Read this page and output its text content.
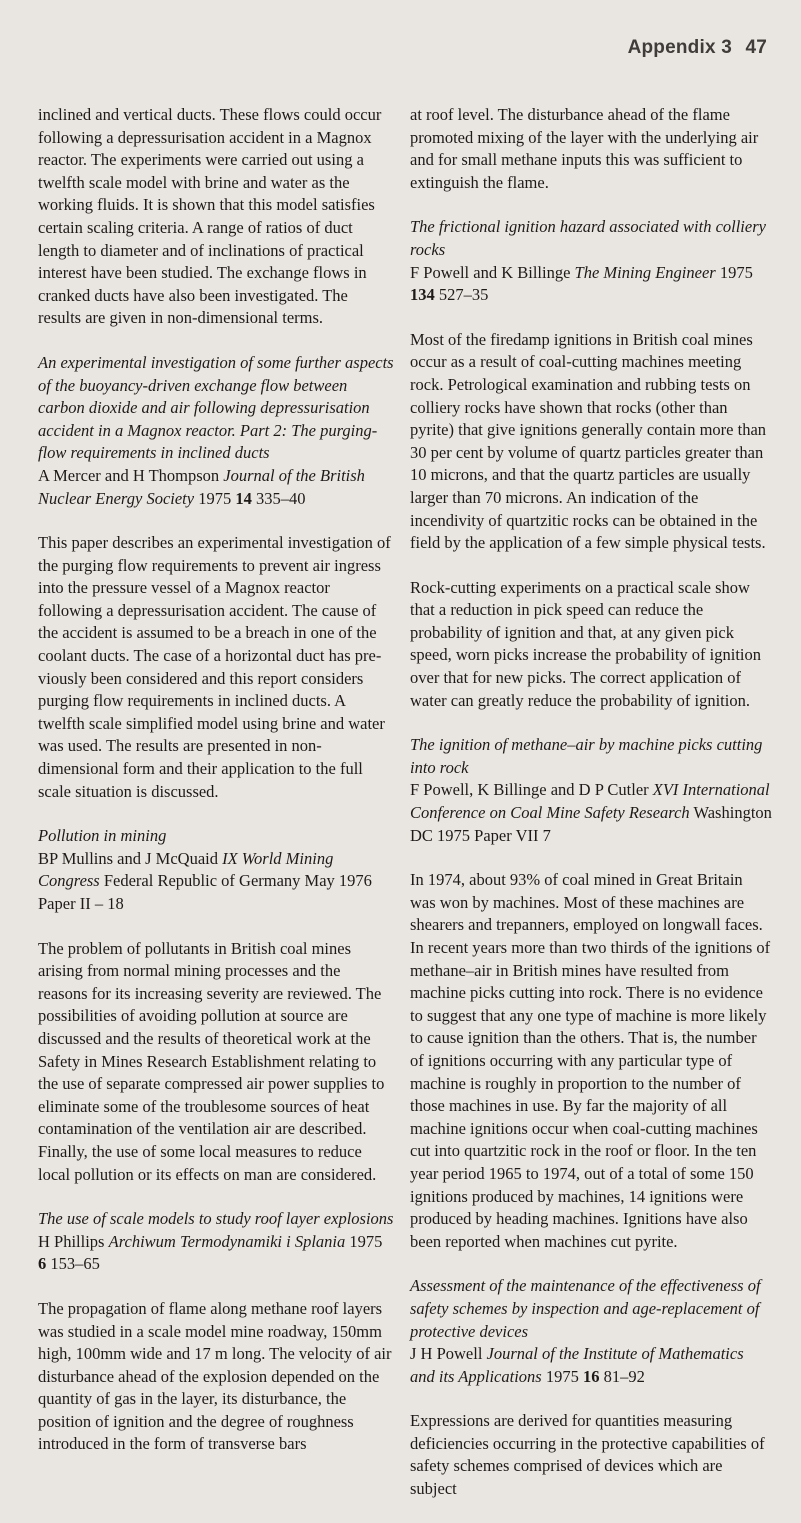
Appendix 3 47

inclined and vertical ducts. These flows could occur following a depressurisation accident in a Magnox reactor. The experiments were carried out using a twelfth scale model with brine and water as the working fluids. It is shown that this model satisfies certain scaling criteria. A range of ratios of duct length to diameter and of inclinations of practical interest have been studied. The exchange flows in cranked ducts have also been investigated. The results are given in non-dimensional terms.

An experimental investigation of some further aspects of the buoyancy-driven exchange flow between carbon dioxide and air following depressurisation accident in a Magnox reactor. Part 2: The purging-flow requirements in inclined ducts

A Mercer and H Thompson Journal of the British Nuclear Energy Society 1975 14 335–40

This paper describes an experimental investigation of the purging flow requirements to prevent air ingress into the pressure vessel of a Magnox reactor following a depressurisation accident. The cause of the accident is assumed to be a breach in one of the coolant ducts. The case of a horizontal duct has pre-viously been considered and this report considers purging flow requirements in inclined ducts. A twelfth scale simplified model using brine and water was used. The results are presented in non-dimensional form and their application to the full scale situation is discussed.

Pollution in mining

BP Mullins and J McQuaid IX World Mining Congress Federal Republic of Germany May 1976 Paper II – 18

The problem of pollutants in British coal mines arising from normal mining processes and the reasons for its increasing severity are reviewed. The possibilities of avoiding pollution at source are discussed and the results of theoretical work at the Safety in Mines Research Establishment relating to the use of separate compressed air power supplies to eliminate some of the troublesome sources of heat contamination of the ventilation air are described. Finally, the use of some local measures to reduce local pollution or its effects on man are considered.

The use of scale models to study roof layer explosions

H Phillips Archiwum Termodynamiki i Splania 1975 6 153–65

The propagation of flame along methane roof layers was studied in a scale model mine roadway, 150mm high, 100mm wide and 17 m long. The velocity of air disturbance ahead of the explosion depended on the quantity of gas in the layer, its disturbance, the position of ignition and the degree of roughness introduced in the form of transverse bars

at roof level. The disturbance ahead of the flame promoted mixing of the layer with the underlying air and for small methane inputs this was sufficient to extinguish the flame.

The frictional ignition hazard associated with colliery rocks

F Powell and K Billinge The Mining Engineer 1975 134 527–35

Most of the firedamp ignitions in British coal mines occur as a result of coal-cutting machines meeting rock. Petrological examination and rubbing tests on colliery rocks have shown that rocks (other than pyrite) that give ignitions generally contain more than 30 per cent by volume of quartz particles greater than 10 microns, and that the quartz particles are usually larger than 70 microns. An indication of the incendivity of quartzitic rocks can be obtained in the field by the application of a few simple physical tests.

Rock-cutting experiments on a practical scale show that a reduction in pick speed can reduce the probability of ignition and that, at any given pick speed, worn picks increase the probability of ignition over that for new picks. The correct application of water can greatly reduce the probability of ignition.

The ignition of methane–air by machine picks cutting into rock

F Powell, K Billinge and D P Cutler XVI International Conference on Coal Mine Safety Research Washington DC 1975 Paper VII 7

In 1974, about 93% of coal mined in Great Britain was won by machines. Most of these machines are shearers and trepanners, employed on longwall faces. In recent years more than two thirds of the ignitions of methane–air in British mines have resulted from machine picks cutting into rock. There is no evidence to suggest that any one type of machine is more likely to cause ignition than the others. That is, the number of ignitions occurring with any particular type of machine is roughly in proportion to the number of those machines in use. By far the majority of all machine ignitions occur when coal-cutting machines cut into quartzitic rock in the roof or floor. In the ten year period 1965 to 1974, out of a total of some 150 ignitions produced by machines, 14 ignitions were produced by heading machines. Ignitions have also been reported when machines cut pyrite.

Assessment of the maintenance of the effectiveness of safety schemes by inspection and age-replacement of protective devices

J H Powell Journal of the Institute of Mathematics and its Applications 1975 16 81–92

Expressions are derived for quantities measuring deficiencies occurring in the protective capabilities of safety schemes comprised of devices which are subject
